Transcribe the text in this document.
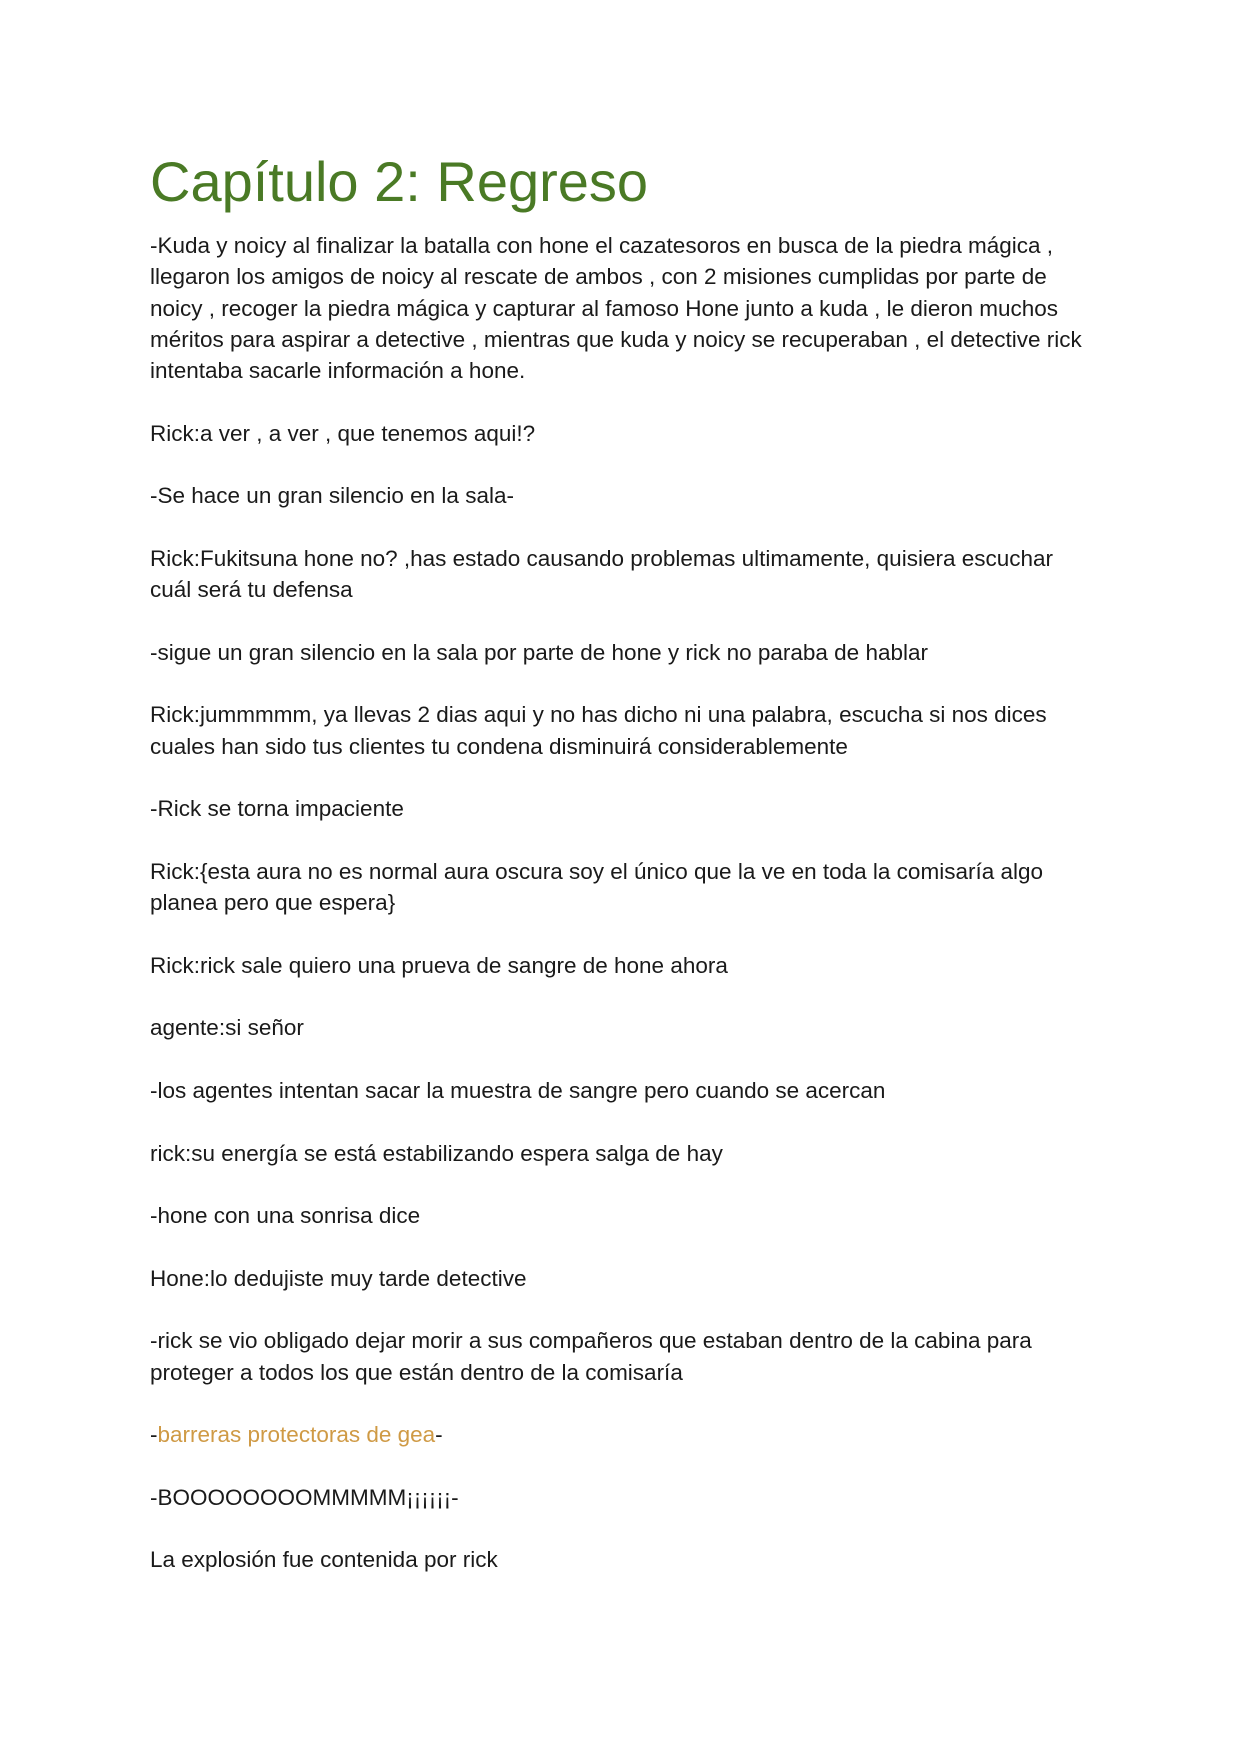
Capítulo 2: Regreso

-Kuda y noicy al finalizar la batalla con hone el cazatesoros en busca de la piedra mágica , llegaron los amigos de noicy al rescate de ambos , con 2 misiones cumplidas por parte de noicy , recoger la piedra mágica y capturar al famoso Hone junto a kuda , le dieron muchos méritos para aspirar a detective , mientras que kuda y noicy se recuperaban , el detective rick intentaba sacarle información a hone.

Rick:a ver , a ver , que tenemos aqui!?

-Se hace un gran silencio en la sala-

Rick:Fukitsuna hone no? ,has estado causando problemas ultimamente, quisiera escuchar cuál será tu defensa

-sigue un gran silencio en la sala por parte de hone y rick no paraba de hablar

Rick:jummmmm, ya llevas 2 dias aqui y no has dicho ni una palabra, escucha si nos dices cuales han sido tus clientes tu condena disminuirá considerablemente

-Rick se torna impaciente

Rick:{esta aura no es normal aura oscura soy el único que la ve en toda la comisaría algo planea pero que espera}

Rick:rick sale quiero una prueva de sangre de hone ahora

agente:si señor

-los agentes intentan sacar la muestra de sangre pero cuando se acercan

rick:su energía se está estabilizando espera salga de hay

-hone con una sonrisa dice

Hone:lo dedujiste muy tarde detective

-rick se vio obligado dejar morir a sus compañeros que estaban dentro de la cabina para proteger a todos los que están dentro de la comisaría

-barreras protectoras de gea-

-BOOOOOOOOMMMMM¡¡¡¡¡¡-

La explosión fue contenida por rick
